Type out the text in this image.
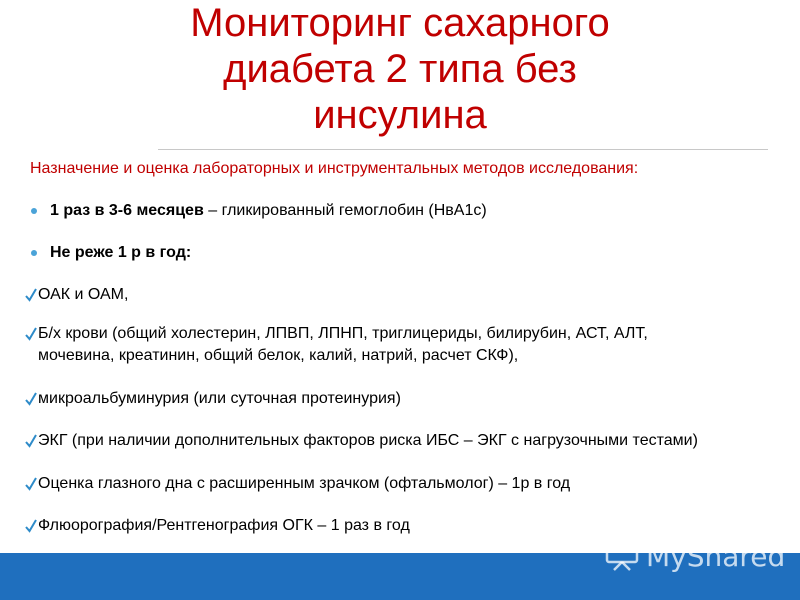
Мониторинг сахарного
диабета 2 типа без
инсулина
Назначение и оценка лабораторных и инструментальных методов исследования:
1 раз в 3-6 месяцев – гликированный гемоглобин (НвА1с)
Не реже 1 р в год:
ОАК и ОАМ,
Б/х крови (общий холестерин, ЛПВП, ЛПНП, триглицериды, билирубин, АСТ, АЛТ,
мочевина, креатинин, общий белок, калий, натрий, расчет СКФ),
микроальбуминурия (или суточная протеинурия)
ЭКГ (при наличии дополнительных факторов риска ИБС – ЭКГ с нагрузочными тестами)
Оценка глазного дна с расширенным зрачком (офтальмолог) – 1р в год
Флюорография/Рентгенография ОГК – 1 раз в год
MyShared
